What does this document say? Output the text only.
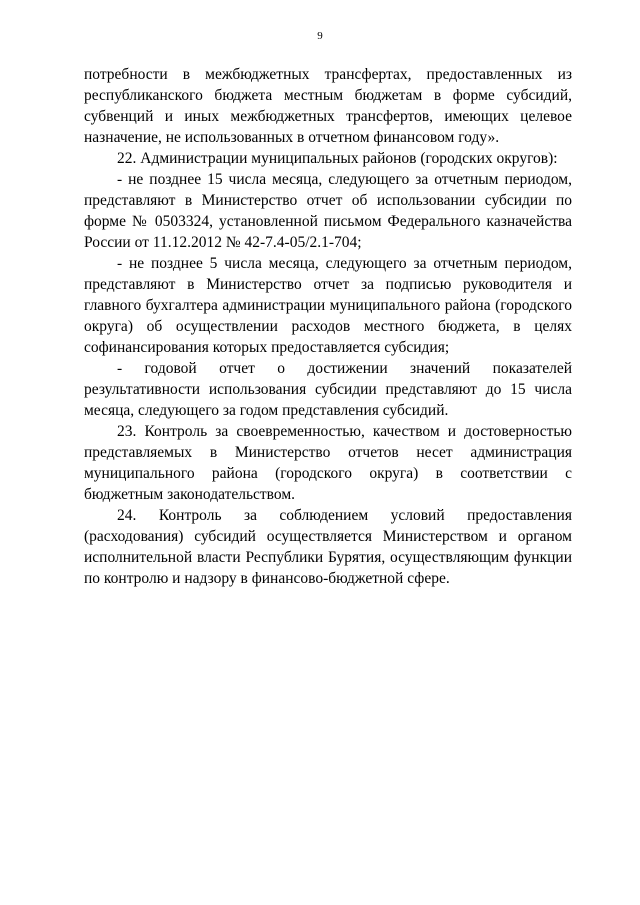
9

потребности в межбюджетных трансфертах, предоставленных из республиканского бюджета местным бюджетам в форме субсидий, субвенций и иных межбюджетных трансфертов, имеющих целевое назначение, не использованных в отчетном финансовом году».

22. Администрации муниципальных районов (городских округов):

- не позднее 15 числа месяца, следующего за отчетным периодом, представляют в Министерство отчет об использовании субсидии по форме № 0503324, установленной письмом Федерального казначейства России от 11.12.2012 № 42-7.4-05/2.1-704;

- не позднее 5 числа месяца, следующего за отчетным периодом, представляют в Министерство отчет за подписью руководителя и главного бухгалтера администрации муниципального района (городского округа) об осуществлении расходов местного бюджета, в целях софинансирования которых предоставляется субсидия;

- годовой отчет о достижении значений показателей результативности использования субсидии представляют до 15 числа месяца, следующего за годом представления субсидий.

23. Контроль за своевременностью, качеством и достоверностью представляемых в Министерство отчетов несет администрация муниципального района (городского округа) в соответствии с бюджетным законодательством.

24. Контроль за соблюдением условий предоставления (расходования) субсидий осуществляется Министерством и органом исполнительной власти Республики Бурятия, осуществляющим функции по контролю и надзору в финансово-бюджетной сфере.
